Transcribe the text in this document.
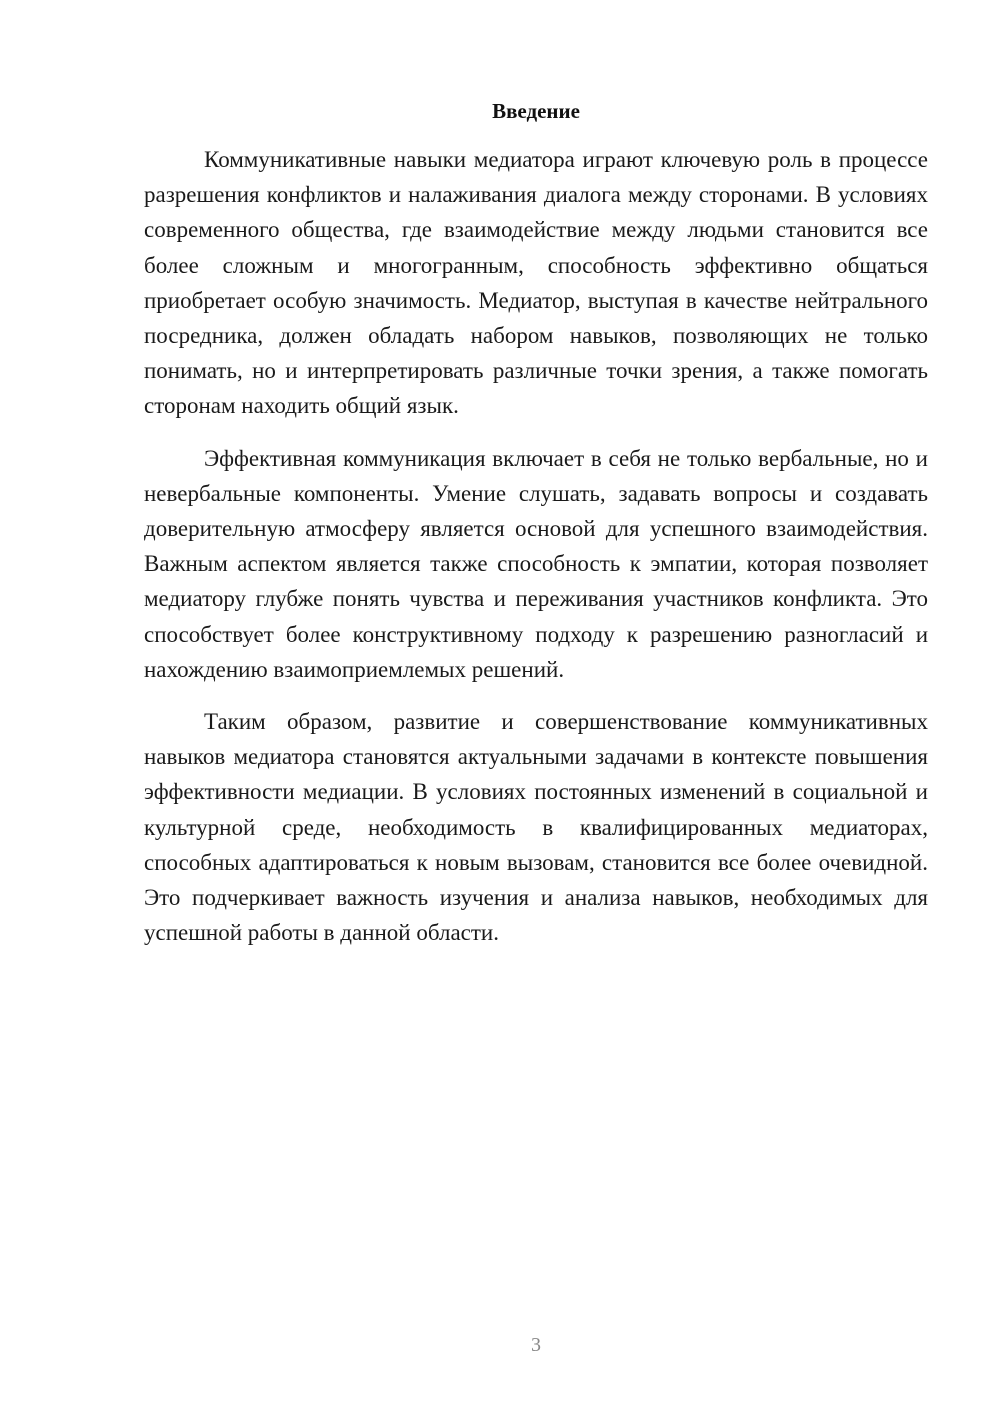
Введение

Коммуникативные навыки медиатора играют ключевую роль в процессе разрешения конфликтов и налаживания диалога между сторонами. В условиях современного общества, где взаимодействие между людьми становится все более сложным и многогранным, способность эффективно общаться приобретает особую значимость. Медиатор, выступая в качестве нейтрального посредника, должен обладать набором навыков, позволяющих не только понимать, но и интерпретировать различные точки зрения, а также помогать сторонам находить общий язык.

Эффективная коммуникация включает в себя не только вербальные, но и невербальные компоненты. Умение слушать, задавать вопросы и создавать доверительную атмосферу является основой для успешного взаимодействия. Важным аспектом является также способность к эмпатии, которая позволяет медиатору глубже понять чувства и переживания участников конфликта. Это способствует более конструктивному подходу к разрешению разногласий и нахождению взаимоприемлемых решений.

Таким образом, развитие и совершенствование коммуникативных навыков медиатора становятся актуальными задачами в контексте повышения эффективности медиации. В условиях постоянных изменений в социальной и культурной среде, необходимость в квалифицированных медиаторах, способных адаптироваться к новым вызовам, становится все более очевидной. Это подчеркивает важность изучения и анализа навыков, необходимых для успешной работы в данной области.

3
